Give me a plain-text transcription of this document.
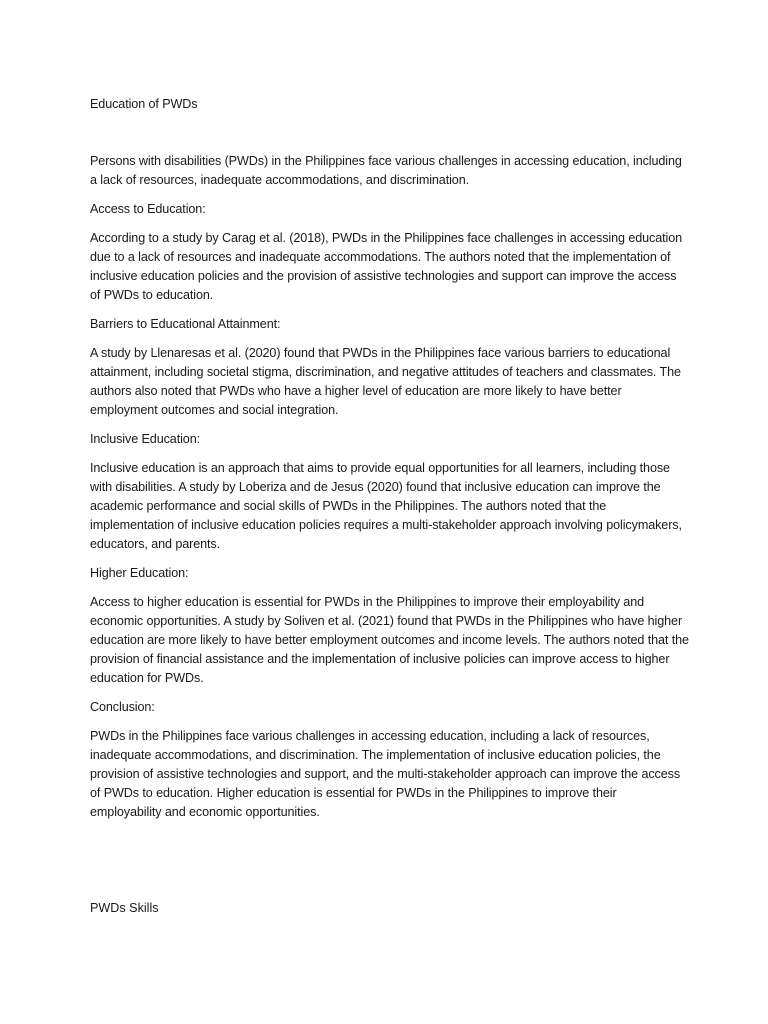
Education of PWDs

Persons with disabilities (PWDs) in the Philippines face various challenges in accessing education, including a lack of resources, inadequate accommodations, and discrimination.

Access to Education:

According to a study by Carag et al. (2018), PWDs in the Philippines face challenges in accessing education due to a lack of resources and inadequate accommodations. The authors noted that the implementation of inclusive education policies and the provision of assistive technologies and support can improve the access of PWDs to education.

Barriers to Educational Attainment:

A study by Llenaresas et al. (2020) found that PWDs in the Philippines face various barriers to educational attainment, including societal stigma, discrimination, and negative attitudes of teachers and classmates. The authors also noted that PWDs who have a higher level of education are more likely to have better employment outcomes and social integration.

Inclusive Education:

Inclusive education is an approach that aims to provide equal opportunities for all learners, including those with disabilities. A study by Loberiza and de Jesus (2020) found that inclusive education can improve the academic performance and social skills of PWDs in the Philippines. The authors noted that the implementation of inclusive education policies requires a multi-stakeholder approach involving policymakers, educators, and parents.

Higher Education:

Access to higher education is essential for PWDs in the Philippines to improve their employability and economic opportunities. A study by Soliven et al. (2021) found that PWDs in the Philippines who have higher education are more likely to have better employment outcomes and income levels. The authors noted that the provision of financial assistance and the implementation of inclusive policies can improve access to higher education for PWDs.

Conclusion:

PWDs in the Philippines face various challenges in accessing education, including a lack of resources, inadequate accommodations, and discrimination. The implementation of inclusive education policies, the provision of assistive technologies and support, and the multi-stakeholder approach can improve the access of PWDs to education. Higher education is essential for PWDs in the Philippines to improve their employability and economic opportunities.

PWDs Skills
